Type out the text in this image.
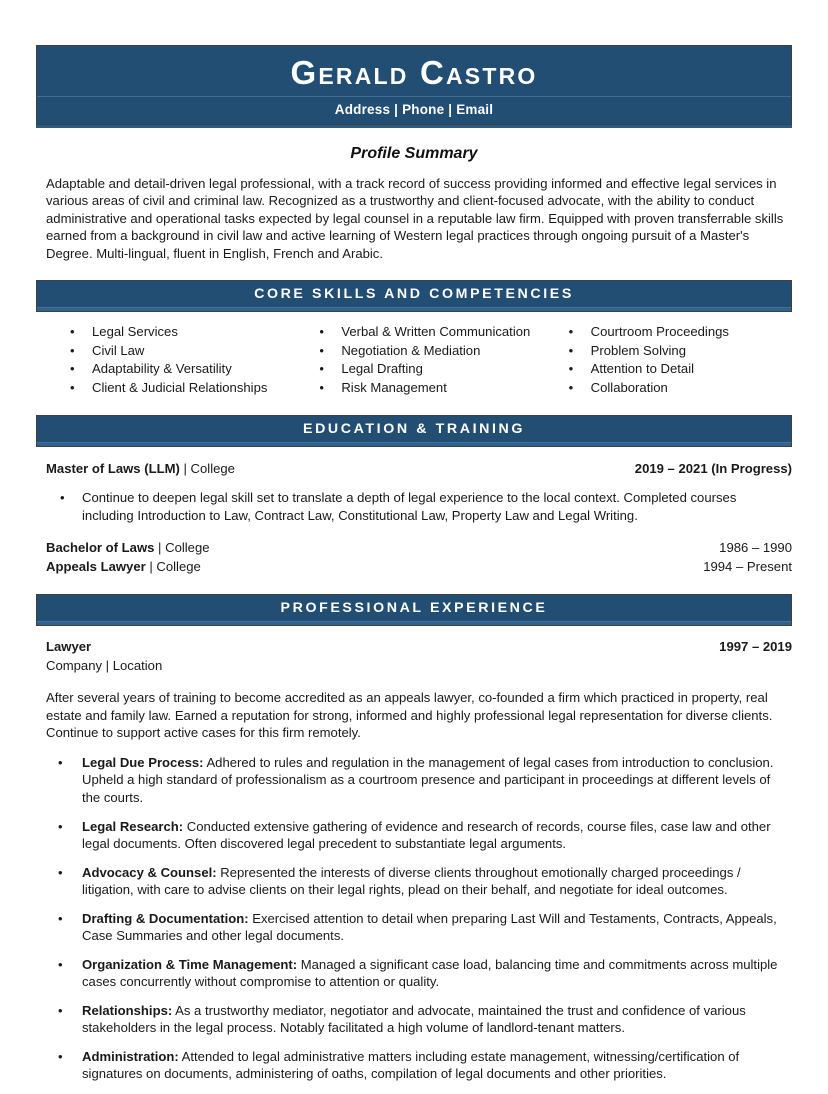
Gerald Castro
Address | Phone | Email
Profile Summary

Adaptable and detail-driven legal professional, with a track record of success providing informed and effective legal services in various areas of civil and criminal law. Recognized as a trustworthy and client-focused advocate, with the ability to conduct administrative and operational tasks expected by legal counsel in a reputable law firm. Equipped with proven transferrable skills earned from a background in civil law and active learning of Western legal practices through ongoing pursuit of a Master's Degree. Multi-lingual, fluent in English, French and Arabic.

CORE SKILLS AND COMPETENCIES
• Legal Services
• Civil Law
• Adaptability & Versatility
• Client & Judicial Relationships
• Verbal & Written Communication
• Negotiation & Mediation
• Legal Drafting
• Risk Management
• Courtroom Proceedings
• Problem Solving
• Attention to Detail
• Collaboration
EDUCATION & TRAINING
Master of Laws (LLM) | College	2019 – 2021 (In Progress)
• Continue to deepen legal skill set to translate a depth of legal experience to the local context. Completed courses including Introduction to Law, Contract Law, Constitutional Law, Property Law and Legal Writing.
Bachelor of Laws | College	1986 – 1990
Appeals Lawyer | College	1994 – Present
PROFESSIONAL EXPERIENCE
Lawyer	1997 – 2019
Company | Location

After several years of training to become accredited as an appeals lawyer, co-founded a firm which practiced in property, real estate and family law. Earned a reputation for strong, informed and highly professional legal representation for diverse clients. Continue to support active cases for this firm remotely.

• Legal Due Process: Adhered to rules and regulation in the management of legal cases from introduction to conclusion. Upheld a high standard of professionalism as a courtroom presence and participant in proceedings at different levels of the courts.
• Legal Research: Conducted extensive gathering of evidence and research of records, course files, case law and other legal documents. Often discovered legal precedent to substantiate legal arguments.
• Advocacy & Counsel: Represented the interests of diverse clients throughout emotionally charged proceedings / litigation, with care to advise clients on their legal rights, plead on their behalf, and negotiate for ideal outcomes.
• Drafting & Documentation: Exercised attention to detail when preparing Last Will and Testaments, Contracts, Appeals, Case Summaries and other legal documents.
• Organization & Time Management: Managed a significant case load, balancing time and commitments across multiple cases concurrently without compromise to attention or quality.
• Relationships: As a trustworthy mediator, negotiator and advocate, maintained the trust and confidence of various stakeholders in the legal process. Notably facilitated a high volume of landlord-tenant matters.
• Administration: Attended to legal administrative matters including estate management, witnessing/certification of signatures on documents, administering of oaths, compilation of legal documents and other priorities.
